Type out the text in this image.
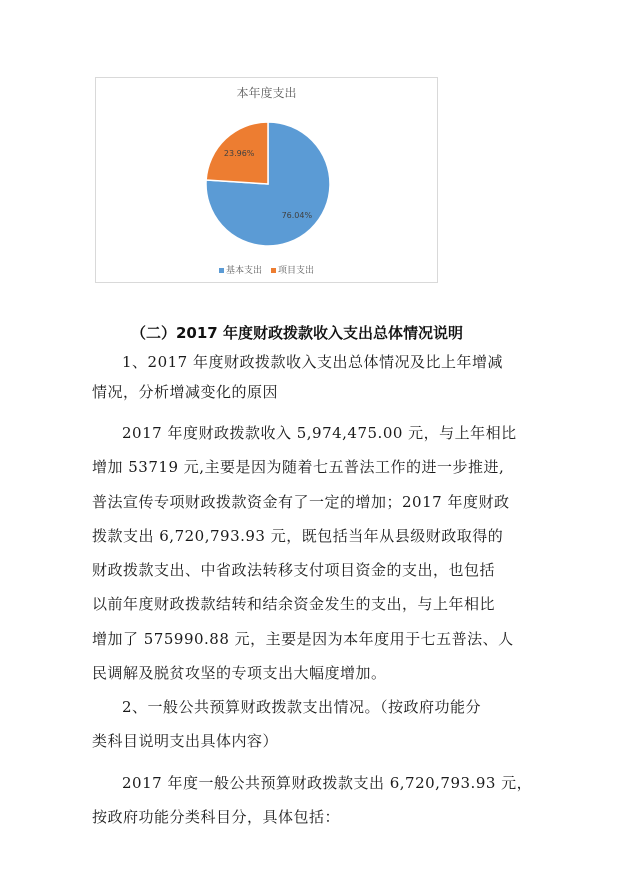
本年度支出
76.04%
23.96%
基本支出 项目支出
（二）2017 年度财政拨款收入支出总体情况说明
1、2017 年度财政拨款收入支出总体情况及比上年增减
情况，分析增减变化的原因
2017 年度财政拨款收入 5,974,475.00 元，与上年相比
增加 53719 元,主要是因为随着七五普法工作的进一步推进,
普法宣传专项财政拨款资金有了一定的增加；2017 年度财政
拨款支出 6,720,793.93 元，既包括当年从县级财政取得的
财政拨款支出、中省政法转移支付项目资金的支出，也包括
以前年度财政拨款结转和结余资金发生的支出，与上年相比
增加了 575990.88 元，主要是因为本年度用于七五普法、人
民调解及脱贫攻坚的专项支出大幅度增加。
2、一般公共预算财政拨款支出情况。（按政府功能分
类科目说明支出具体内容）
2017 年度一般公共预算财政拨款支出 6,720,793.93 元，
按政府功能分类科目分，具体包括：
